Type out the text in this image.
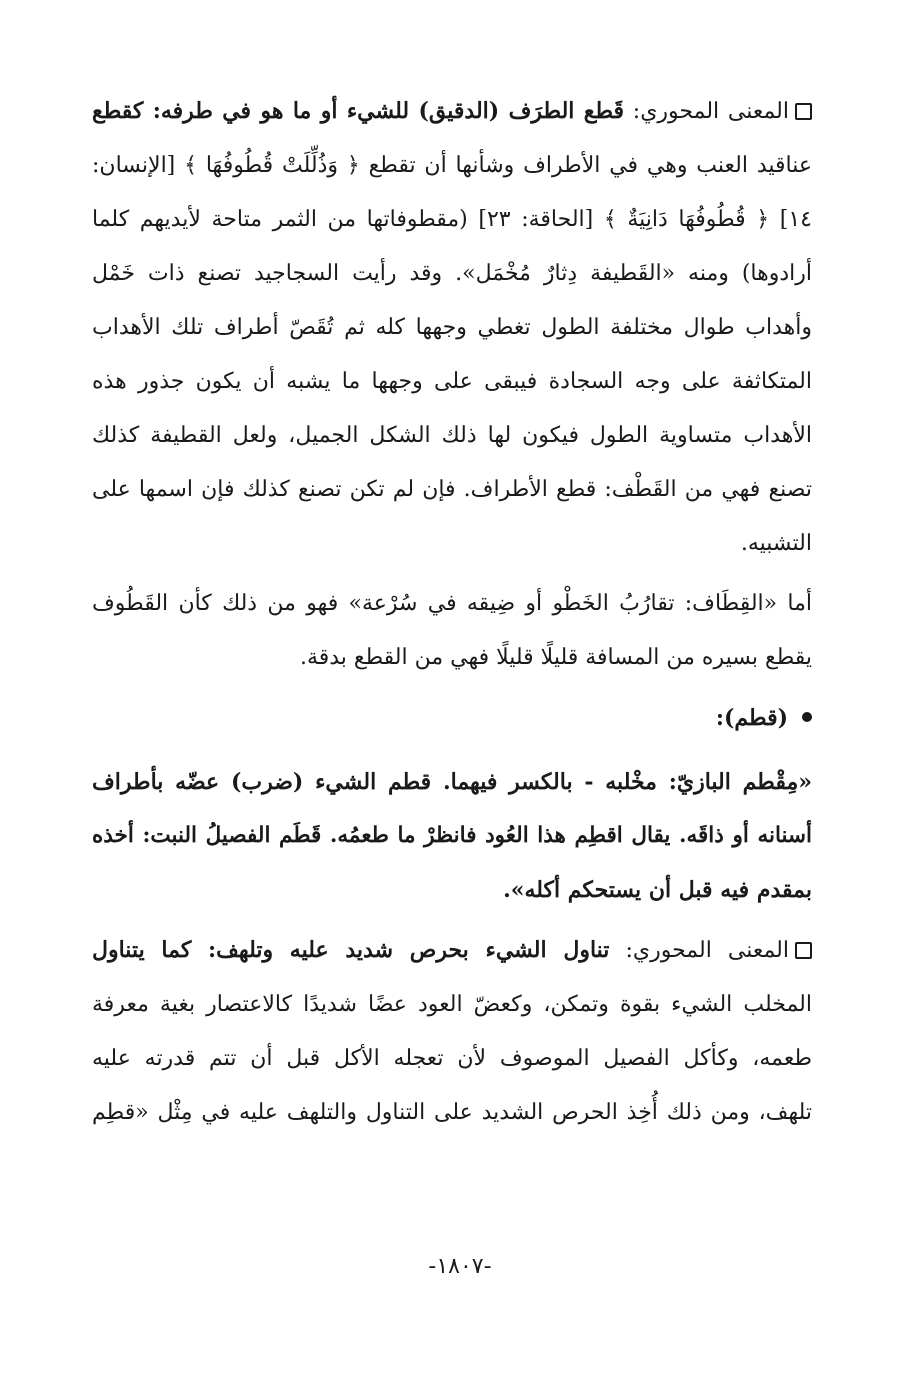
المعنى المحوري: قَطع الطرَف (الدقيق) للشيء أو ما هو في طرفه: كقطع
عناقيد العنب وهي في الأطراف وشأنها أن تقطع ﴿ وَذُلِّلَتْ قُطُوفُهَا ﴾ [الإنسان:
١٤] ﴿ قُطُوفُهَا دَانِيَةٌ ﴾ [الحاقة: ٢٣] (مقطوفاتها من الثمر متاحة لأيديهم كلما
أرادوها) ومنه «القَطيفة دِثارٌ مُخْمَل». وقد رأيت السجاجيد تصنع ذات خَمْل
وأهداب طوال مختلفة الطول تغطي وجهها كله ثم تُقَصّ أطراف تلك الأهداب
المتكاثفة على وجه السجادة فيبقى على وجهها ما يشبه أن يكون جذور هذه
الأهداب متساوية الطول فيكون لها ذلك الشكل الجميل، ولعل القطيفة كذلك
تصنع فهي من القَطْف: قطع الأطراف. فإن لم تكن تصنع كذلك فإن اسمها على
التشبيه.
أما «القِطَاف: تقارُبُ الخَطْو أو ضِيقه في سُرْعة» فهو من ذلك كأن القَطُوف
يقطع بسيره من المسافة قليلًا قليلًا فهي من القطع بدقة.
(قطم):
«مِقْطم البازيّ: مخْلبه - بالكسر فيهما. قطم الشيء (ضرب) عضّه بأطراف
أسنانه أو ذاقَه. يقال اقطِم هذا العُود فانظرْ ما طعمُه. قَطَم الفصيلُ النبت: أخذه
بمقدم فيه قبل أن يستحكم أكله».
المعنى المحوري: تناول الشيء بحرص شديد عليه وتلهف: كما يتناول
المخلب الشيء بقوة وتمكن، وكعضّ العود عضًا شديدًا كالاعتصار بغية معرفة
طعمه، وكأكل الفصيل الموصوف لأن تعجله الأكل قبل أن تتم قدرته عليه
تلهف، ومن ذلك أُخِذ الحرص الشديد على التناول والتلهف عليه في مِثْل «قطِم
-١٨٠٧-
